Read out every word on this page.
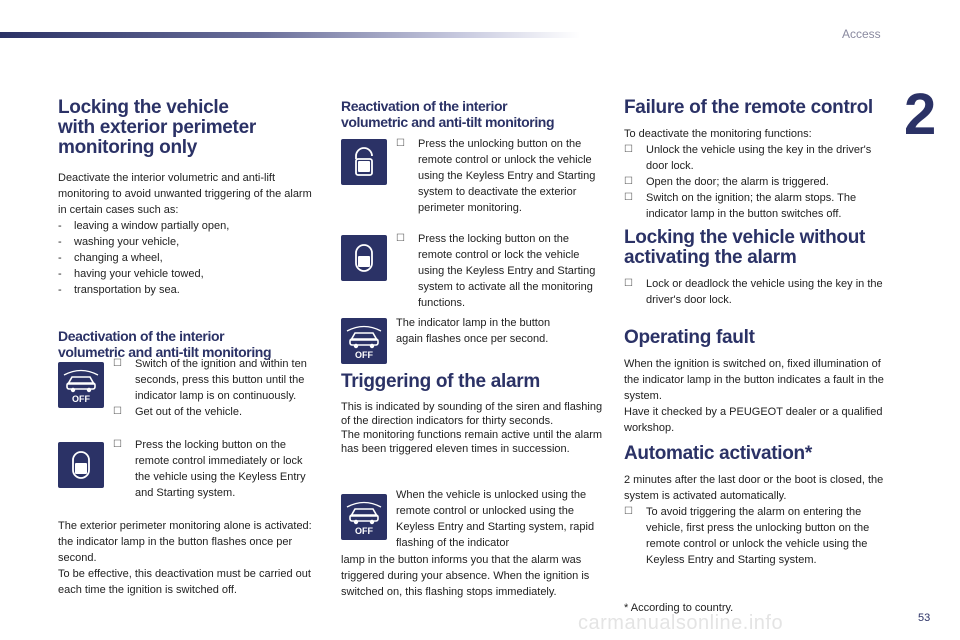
Access
2
Locking the vehicle
with exterior perimeter
monitoring only

Deactivate the interior volumetric and anti-lift monitoring to avoid unwanted triggering of the alarm in certain cases such as:

- leaving a window partially open,

- washing your vehicle,

- changing a wheel,

- having your vehicle towed,

- transportation by sea.

Deactivation of the interior
volumetric and anti-tilt monitoring
OFF

☐ Switch of the ignition and within ten seconds, press this button until the indicator lamp is on continuously.

☐ Get out of the vehicle.

☐ Press the locking button on the remote control immediately or lock the vehicle using the Keyless Entry and Starting system.

The exterior perimeter monitoring alone is activated: the indicator lamp in the button flashes once per second.

To be effective, this deactivation must be carried out each time the ignition is switched off.

Reactivation of the interior
volumetric and anti-tilt monitoring

☐ Press the unlocking button on the remote control or unlock the vehicle using the Keyless Entry and Starting system to deactivate the exterior perimeter monitoring.

☐ Press the locking button on the remote control or lock the vehicle using the Keyless Entry and Starting system to activate all the monitoring functions.

OFF

The indicator lamp in the button again flashes once per second.

Triggering of the alarm

This is indicated by sounding of the siren and flashing of the direction indicators for thirty seconds.

The monitoring functions remain active until the alarm has been triggered eleven times in succession.

OFF

When the vehicle is unlocked using the remote control or unlocked using the Keyless Entry and Starting system, rapid flashing of the indicator

lamp in the button informs you that the alarm was triggered during your absence. When the ignition is switched on, this flashing stops immediately.

Failure of the remote control

To deactivate the monitoring functions:

☐ Unlock the vehicle using the key in the driver's door lock.

☐ Open the door; the alarm is triggered.

☐ Switch on the ignition; the alarm stops. The indicator lamp in the button switches off.

Locking the vehicle without
activating the alarm

☐ Lock or deadlock the vehicle using the key in the driver's door lock.

Operating fault

When the ignition is switched on, fixed illumination of the indicator lamp in the button indicates a fault in the system.

Have it checked by a PEUGEOT dealer or a qualified workshop.

Automatic activation*

2 minutes after the last door or the boot is closed, the system is activated automatically.

☐ To avoid triggering the alarm on entering the vehicle, first press the unlocking button on the remote control or unlock the vehicle using the Keyless Entry and Starting system.

* According to country.
carmanualsonline.info	53
